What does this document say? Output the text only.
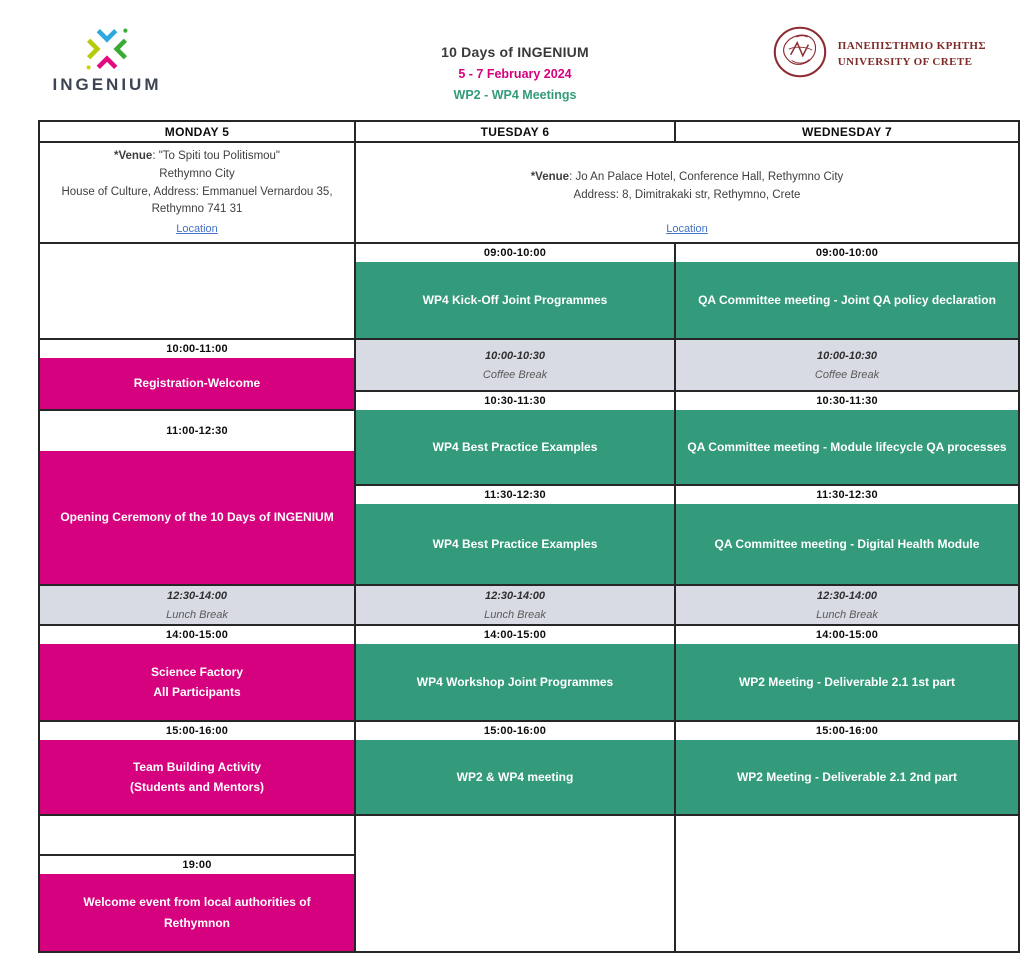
INGENIUM
10 Days of INGENIUM
5 - 7 February 2024
WP2 - WP4 Meetings
ΠΑΝΕΠΙΣΤΗΜΙΟ ΚΡΗΤΗΣ
UNIVERSITY OF CRETE
MONDAY 5	TUESDAY 6	WEDNESDAY 7
*Venue: "To Spiti tou Politismou"
Rethymno City
House of Culture, Address: Emmanuel Vernardou 35,
Rethymno 741 31
Location
*Venue: Jo An Palace Hotel, Conference Hall, Rethymno City
Address: 8, Dimitrakaki str, Rethymno, Crete
Location
10:00-11:00
Registration-Welcome
11:00-12:30
Opening Ceremony of the 10 Days of INGENIUM
12:30-14:00
Lunch Break
14:00-15:00
Science Factory
All Participants
15:00-16:00
Team Building Activity
(Students and Mentors)
19:00
Welcome event from local authorities of Rethymnon
09:00-10:00
WP4 Kick-Off Joint Programmes
10:00-10:30
Coffee Break
10:30-11:30
WP4 Best Practice Examples
11:30-12:30
WP4 Best Practice Examples
12:30-14:00
Lunch Break
14:00-15:00
WP4 Workshop Joint Programmes
15:00-16:00
WP2 & WP4 meeting
09:00-10:00
QA Committee meeting - Joint QA policy declaration
10:00-10:30
Coffee Break
10:30-11:30
QA Committee meeting - Module lifecycle QA processes
11:30-12:30
QA Committee meeting - Digital Health Module
12:30-14:00
Lunch Break
14:00-15:00
WP2 Meeting - Deliverable 2.1 1st part
15:00-16:00
WP2 Meeting - Deliverable 2.1 2nd part
